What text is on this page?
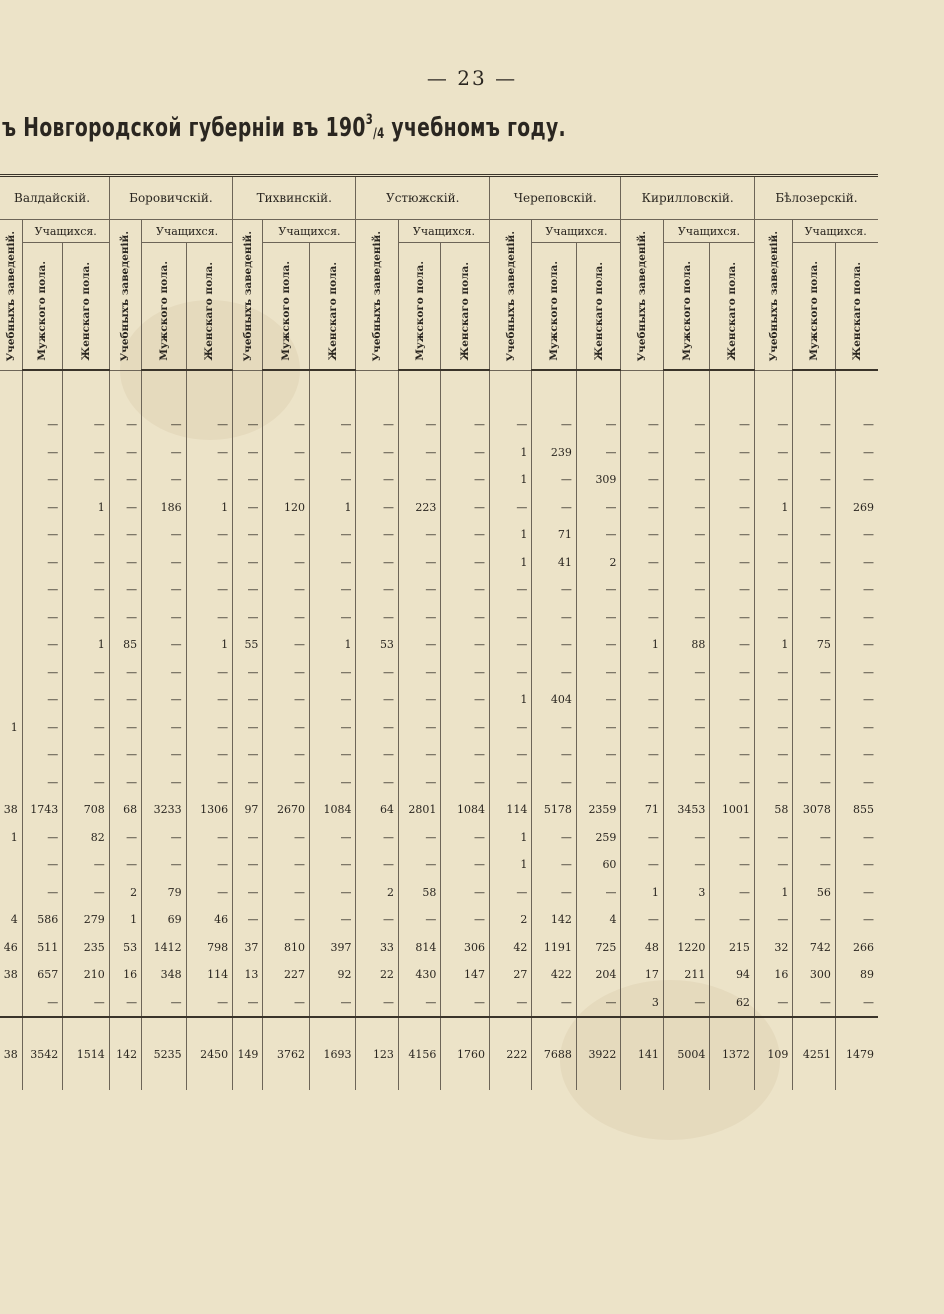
— 23 —
ъ Новгородской губерніи въ $190^3_{/4}$ учебномъ году.
Валдайскій.			Боровичскій.			Тихвинскій.			Устюжскій.			Череповскій.			Кирилловскій.			Бѣлозерскій.		

Учебныхъ заведеній.	Учащихся.		Учебныхъ заведеній.	Учащихся.		Учебныхъ заведеній.	Учащихся.		Учебныхъ заведеній.	Учащихся.		Учебныхъ заведеній.	Учащихся.		Учебныхъ заведеній.	Учащихся.		Учебныхъ заведеній.	Учащихся.	

	Мужского пола.	Женскаго пола.		Мужского пола.	Женскаго пола.		Мужского пола.	Женскаго пола.		Мужского пола.	Женскаго пола.		Мужского пола.	Женскаго пола.		Мужского пола.	Женскаго пола.		Мужского пола.	Женскаго пола.

	—	—	—	—	—	—	—	—	—	—	—	—	—	—	—	—	—	—	—	—
	—	—	—	—	—	—	—	—	—	—	—	1	239	—	—	—	—	—	—	—
	—	—	—	—	—	—	—	—	—	—	—	1	—	309	—	—	—	—	—	—
	—	1	—	186	1	—	120	1	—	223	—	—	—	—	—	—	—	1	—	269
	—	—	—	—	—	—	—	—	—	—	—	1	71	—	—	—	—	—	—	—
	—	—	—	—	—	—	—	—	—	—	—	1	41	2	—	—	—	—	—	—
	—	—	—	—	—	—	—	—	—	—	—	—	—	—	—	—	—	—	—	—
	—	—	—	—	—	—	—	—	—	—	—	—	—	—	—	—	—	—	—	—
	—	1	85	—	1	55	—	1	53	—	—	—	—	—	1	88	—	1	75	—
	—	—	—	—	—	—	—	—	—	—	—	—	—	—	—	—	—	—	—	—
	—	—	—	—	—	—	—	—	—	—	—	1	404	—	—	—	—	—	—	—
1	—	—	—	—	—	—	—	—	—	—	—	—	—	—	—	—	—	—	—	—
	—	—	—	—	—	—	—	—	—	—	—	—	—	—	—	—	—	—	—	—
	—	—	—	—	—	—	—	—	—	—	—	—	—	—	—	—	—	—	—	—
38	1743	708	68	3233	1306	97	2670	1084	64	2801	1084	114	5178	2359	71	3453	1001	58	3078	855
1	—	82	—	—	—	—	—	—	—	—	—	1	—	259	—	—	—	—	—	—
	—	—	—	—	—	—	—	—	—	—	—	1	—	60	—	—	—	—	—	—
	—	—	2	79	—	—	—	—	2	58	—	—	—	—	1	3	—	1	56	—
4	586	279	1	69	46	—	—	—	—	—	—	2	142	4	—	—	—	—	—	—
46	511	235	53	1412	798	37	810	397	33	814	306	42	1191	725	48	1220	215	32	742	266
38	657	210	16	348	114	13	227	92	22	430	147	27	422	204	17	211	94	16	300	89
	—	—	—	—	—	—	—	—	—	—	—	—	—	—	3	—	62	—	—	—
38	3542	1514	142	5235	2450	149	3762	1693	123	4156	1760	222	7688	3922	141	5004	1372	109	4251	1479
